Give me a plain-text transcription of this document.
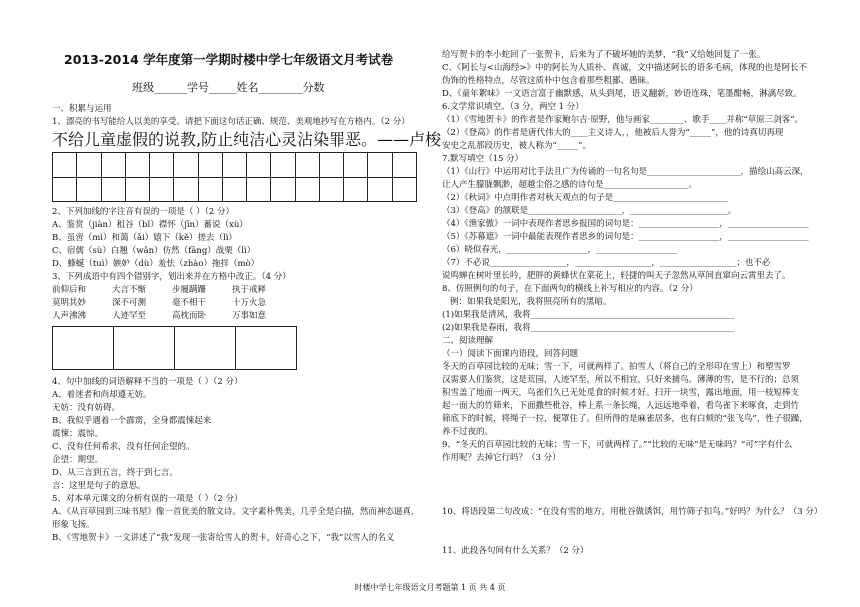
2013-2014 学年度第一学期时楼中学七年级语文月考试卷
班级______学号_____姓名________分数
一、积累与运用
1、漂亮的书写能给人以美的享受。请把下面这句话正确、规范、美观地抄写在方格内。（2 分）
不给儿童虚假的说教,防止纯洁心灵沾染罪恶。——卢梭

2、下列加线的字注音有误的一项是（ ）（2 分）
A、鉴赏（jiàn）租谷（bǐ）襟怀（jīn）蓄说（xù）
B、虽啻（mì）和蔼（ǎi）嬉下（kě）搓去（lì）
C、宿儒（sù）白翘（wǎn）仿然（fāng）战栗（lì）
D、蜂蜒（tuì）嫉妒（dù）羞怯（zhào）拖拌（mò）
3、下列成语中有四个错别字，划出来并在方格中改正。（4 分）
前仰后和	大言不惭	步履蹒跚	执于戒释
莫明其妙	深不可测	毫不相干	十万火急
人声沸沸	人迹罕至	高枕而卧	万事如意

4、句中加线的词语解释不当的一项是（ ）（2 分）
A、着迷者和尚却遵无妨。
无妨：没有妨碍。
B、我似乎遇着一个霹雳，全身都震悚起来
震悚：震惊。
C、没有任何希求，没有任何企望的。
企望：期望。
D、从三言到五言，终于到七言。
言：这里是句子的意思。
5、对本单元课文的分析有误的一项是（ ）（2 分）
A、《从百草园到三味书屋》像一首优美的散文诗。文字素朴隽美，几乎全是白描，然而神态逼真，
形象飞扬。
B、《雪地贺卡》一文讲述了“我”发现一张寄给雪人的贺卡，好奇心之下，“我”以雪人的名义
给写贺卡的李小蛇回了一张贺卡，后来为了不破坏她的美梦，“我”又给她回复了一张。
C、《阿长与<山海经>》中的阿长为人质朴、真诚，文中描述阿长的语多毛病，体现的也是阿长不
伪饰的性格特点，尽管这质朴中包含着那些粗鄙、愚昧。
D、《童年絮味》一文语言富于幽默感，从头到尾，语义翻新，妙语连珠，笔墨酣畅，淋漓尽致。
6.文学常识填空。（3 分，两空 1 分）
（1）《雪地贺卡》的作者是作家鲍尔吉·原野，他与画家________、歌手____并称“草原三剑客”。
（2）《登高》的作者是唐代伟大的____主义诗人，，他被后人誉为“_____”，他的诗真切再现
安史之乱那段历史，被人称为“_____”。
7.默写填空（15 分）
（1）《山行》中运用对比手法且广为传诵的一句名句是______________________，描绘山高云深，
让人产生朦胧飘渺，超越尘俗之感的诗句是____________________。
（2）《秋词》中点明作者对秋天观点的句子是___________________________
（3）《登高》的颔联是______________________，_______________________。
（4）《渔家傲》一词中表现作者思乡报国的词句是：___________________，___________________
（5）《苏幕遮》一词中最能表现作者思乡的词句是：___________________，___________________
（6）晓似春光，___________________，___________________
（7）不必说__________________，__________________，__________________；也不必
说鸣蝉在树叶里长吟，肥胖的黄蜂伏在菜花上，轻捷的叫天子忽然从草间直窜向云霄里去了。
8、仿照例句的句子，在下面两句的横线上补写相应的内容。（2 分）
例：如果我是阳光，我将照亮所有的黑暗。
(1)如果我是清风，我将________________________________________________
(2)如果我是春雨，我将________________________________________________
二、阅读理解
（一）阅读下面课内语段，回答问题
冬天的百草园比较的无味；雪一下，可就两样了。拍雪人（将自己的全形印在雪上）和塑雪罗
汉需要人们鉴赏，这是荒园，人迹罕至，所以不相宜，只好来捕鸟。薄薄的雪，是不行的；总须
积雪盖了地面一两天，鸟雀们久已无处觅食的时候才好。扫开一块雪，露出地面，用一枝短棒支
起一面大的竹筛来，下面撒些秕谷，棒上系一条长绳，人远远地牵着，看鸟雀下来啄食，走到竹
筛底下的时候，将绳子一拉，便罩住了。但所得的是麻雀居多，也有白颊的“张飞鸟”，性子很躁，
养不过夜的。
9、“冬天的百草园比较的无味；雪一下，可就两样了。”“比较的无味”是无味吗？“可”字有什么
作用呢？去掉它行吗？（3 分）
10、将语段第二句改成：“在没有雪的地方，用秕谷做诱饵，用竹筛子扣鸟。”好吗？为什么？（3 分）
11、此段各句间有什么关系？（2 分）
时楼中学七年级语文月考题第 1 页 共 4 页
